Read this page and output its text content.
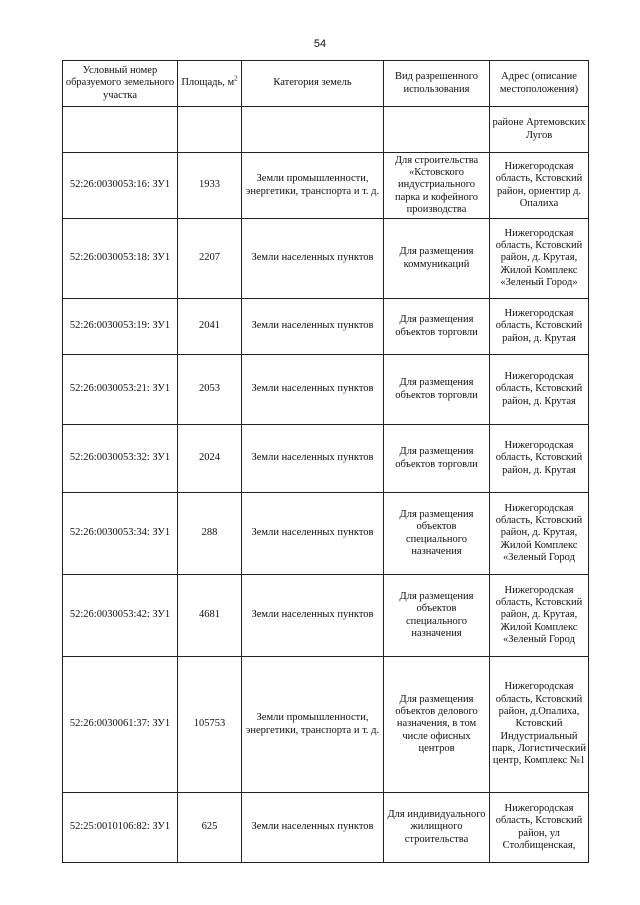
54
Условный номер образуемого земельного участка	Площадь, $м^2$	Категория земель	Вид разрешенного использования	Адрес (описание местоположения)
				районе Артемовских Лугов
52:26:0030053:16: ЗУ1	1933	Земли промышленности, энергетики, транспорта и т. д.	Для строительства «Кстовского индустриального парка и кофейного производства	Нижегородская область, Кстовский район, ориентир д. Опалиха
52:26:0030053:18: ЗУ1	2207	Земли населенных пунктов	Для размещения коммуникаций	Нижегородская область, Кстовский район, д. Крутая, Жилой Комплекс «Зеленый Город»
52:26:0030053:19: ЗУ1	2041	Земли населенных пунктов	Для размещения объектов торговли	Нижегородская область, Кстовский район, д. Крутая
52:26:0030053:21: ЗУ1	2053	Земли населенных пунктов	Для размещения объектов торговли	Нижегородская область, Кстовский район, д. Крутая
52:26:0030053:32: ЗУ1	2024	Земли населенных пунктов	Для размещения объектов торговли	Нижегородская область, Кстовский район, д. Крутая
52:26:0030053:34: ЗУ1	288	Земли населенных пунктов	Для размещения объектов специального назначения	Нижегородская область, Кстовский район, д. Крутая, Жилой Комплекс «Зеленый Город
52:26:0030053:42: ЗУ1	4681	Земли населенных пунктов	Для размещения объектов специального назначения	Нижегородская область, Кстовский район, д. Крутая, Жилой Комплекс «Зеленый Город
52:26:0030061:37: ЗУ1	105753	Земли промышленности, энергетики, транспорта и т. д.	Для размещения объектов делового назначения, в том числе офисных центров	Нижегородская область, Кстовский район, д.Опалиха, Кстовский Индустриальный парк, Логистический центр, Комплекс №1
52:25:0010106:82: ЗУ1	625	Земли населенных пунктов	Для индивидуального жилищного строительства	Нижегородская область, Кстовский район, ул Столбищенская,
